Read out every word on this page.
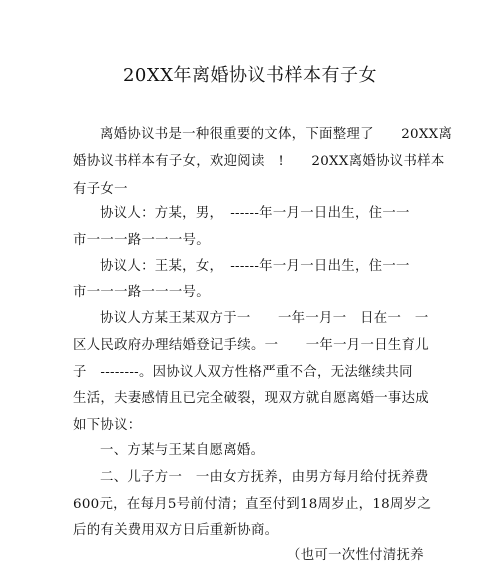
20XX年离婚协议书样本有子女
离婚协议书是一种很重要的文体，下面整理了　　20XX离
婚协议书样本有子女，欢迎阅读　!　　20XX离婚协议书样本
有子女一
协议人：方某，男，　------年一月一日出生，住一一
市一一一路一一一号。
协议人：王某，女，　------年一月一日出生，住一一
市一一一路一一一号。
协议人方某王某双方于一　　一年一月一　日在一　一
区人民政府办理结婚登记手续。一　　一年一月一日生育儿
子　--------。因协议人双方性格严重不合，无法继续共同
生活，夫妻感情且已完全破裂，现双方就自愿离婚一事达成
如下协议：
一、方某与王某自愿离婚。
二、儿子方一　一由女方抚养，由男方每月给付抚养费
600元，在每月5号前付清；直至付到18周岁止，18周岁之
后的有关费用双方日后重新协商。
（也可一次性付清抚养
